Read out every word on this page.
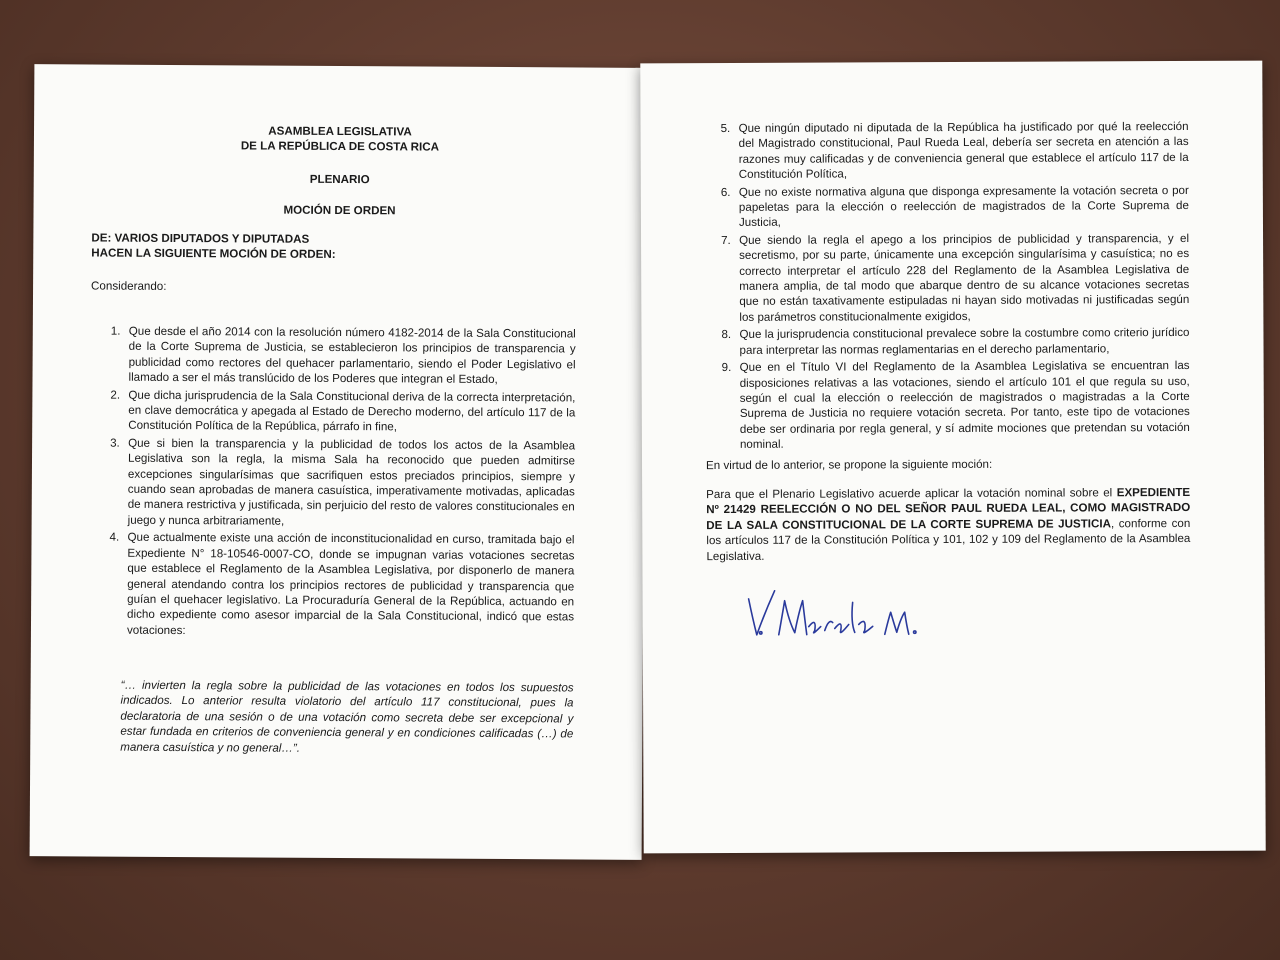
ASAMBLEA LEGISLATIVA
DE LA REPÚBLICA DE COSTA RICA
PLENARIO
MOCIÓN DE ORDEN
DE: VARIOS DIPUTADOS Y DIPUTADAS
HACEN LA SIGUIENTE MOCIÓN DE ORDEN:
Considerando:
1. Que desde el año 2014 con la resolución número 4182-2014 de la Sala Constitucional de la Corte Suprema de Justicia, se establecieron los principios de transparencia y publicidad como rectores del quehacer parlamentario, siendo el Poder Legislativo el llamado a ser el más translúcido de los Poderes que integran el Estado,
2. Que dicha jurisprudencia de la Sala Constitucional deriva de la correcta interpretación, en clave democrática y apegada al Estado de Derecho moderno, del artículo 117 de la Constitución Política de la República, párrafo in fine,
3. Que si bien la transparencia y la publicidad de todos los actos de la Asamblea Legislativa son la regla, la misma Sala ha reconocido que pueden admitirse excepciones singularísimas que sacrifiquen estos preciados principios, siempre y cuando sean aprobadas de manera casuística, imperativamente motivadas, aplicadas de manera restrictiva y justificada, sin perjuicio del resto de valores constitucionales en juego y nunca arbitrariamente,
4. Que actualmente existe una acción de inconstitucionalidad en curso, tramitada bajo el Expediente N° 18-10546-0007-CO, donde se impugnan varias votaciones secretas que establece el Reglamento de la Asamblea Legislativa, por disponerlo de manera general atendando contra los principios rectores de publicidad y transparencia que guían el quehacer legislativo. La Procuraduría General de la República, actuando en dicho expediente como asesor imparcial de la Sala Constitucional, indicó que estas votaciones:
“… invierten la regla sobre la publicidad de las votaciones en todos los supuestos indicados. Lo anterior resulta violatorio del artículo 117 constitucional, pues la declaratoria de una sesión o de una votación como secreta debe ser excepcional y estar fundada en criterios de conveniencia general y en condiciones calificadas (…) de manera casuística y no general…”.
5. Que ningún diputado ni diputada de la República ha justificado por qué la reelección del Magistrado constitucional, Paul Rueda Leal, debería ser secreta en atención a las razones muy calificadas y de conveniencia general que establece el artículo 117 de la Constitución Política,
6. Que no existe normativa alguna que disponga expresamente la votación secreta o por papeletas para la elección o reelección de magistrados de la Corte Suprema de Justicia,
7. Que siendo la regla el apego a los principios de publicidad y transparencia, y el secretismo, por su parte, únicamente una excepción singularísima y casuística; no es correcto interpretar el artículo 228 del Reglamento de la Asamblea Legislativa de manera amplia, de tal modo que abarque dentro de su alcance votaciones secretas que no están taxativamente estipuladas ni hayan sido motivadas ni justificadas según los parámetros constitucionalmente exigidos,
8. Que la jurisprudencia constitucional prevalece sobre la costumbre como criterio jurídico para interpretar las normas reglamentarias en el derecho parlamentario,
9. Que en el Título VI del Reglamento de la Asamblea Legislativa se encuentran las disposiciones relativas a las votaciones, siendo el artículo 101 el que regula su uso, según el cual la elección o reelección de magistrados o magistradas a la Corte Suprema de Justicia no requiere votación secreta. Por tanto, este tipo de votaciones debe ser ordinaria por regla general, y sí admite mociones que pretendan su votación nominal.
En virtud de lo anterior, se propone la siguiente moción:
Para que el Plenario Legislativo acuerde aplicar la votación nominal sobre el EXPEDIENTE Nº 21429 REELECCIÓN O NO DEL SEÑOR PAUL RUEDA LEAL, COMO MAGISTRADO DE LA SALA CONSTITUCIONAL DE LA CORTE SUPREMA DE JUSTICIA, conforme con los artículos 117 de la Constitución Política y 101, 102 y 109 del Reglamento de la Asamblea Legislativa.
